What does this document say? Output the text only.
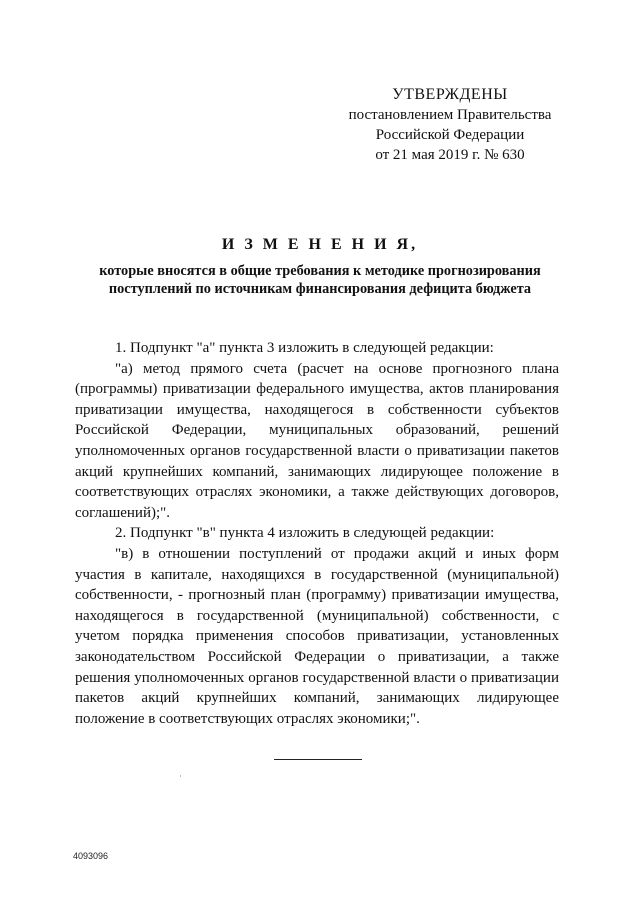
УТВЕРЖДЕНЫ
постановлением Правительства
Российской Федерации
от 21 мая 2019 г. № 630
И З М Е Н Е Н И Я,
которые вносятся в общие требования к методике прогнозирования поступлений по источникам финансирования дефицита бюджета

1. Подпункт "а" пункта 3 изложить в следующей редакции:

"а) метод прямого счета (расчет на основе прогнозного плана (программы) приватизации федерального имущества, актов планирования приватизации имущества, находящегося в собственности субъектов Российской Федерации, муниципальных образований, решений уполномоченных органов государственной власти о приватизации пакетов акций крупнейших компаний, занимающих лидирующее положение в соответствующих отраслях экономики, а также действующих договоров, соглашений);".

2. Подпункт "в" пункта 4 изложить в следующей редакции:

"в) в отношении поступлений от продажи акций и иных форм участия в капитале, находящихся в государственной (муниципальной) собственности, - прогнозный план (программу) приватизации имущества, находящегося в государственной (муниципальной) собственности, с учетом порядка применения способов приватизации, установленных законодательством Российской Федерации о приватизации, а также решения уполномоченных органов государственной власти о приватизации пакетов акций крупнейших компаний, занимающих лидирующее положение в соответствующих отраслях экономики;".

4093096
